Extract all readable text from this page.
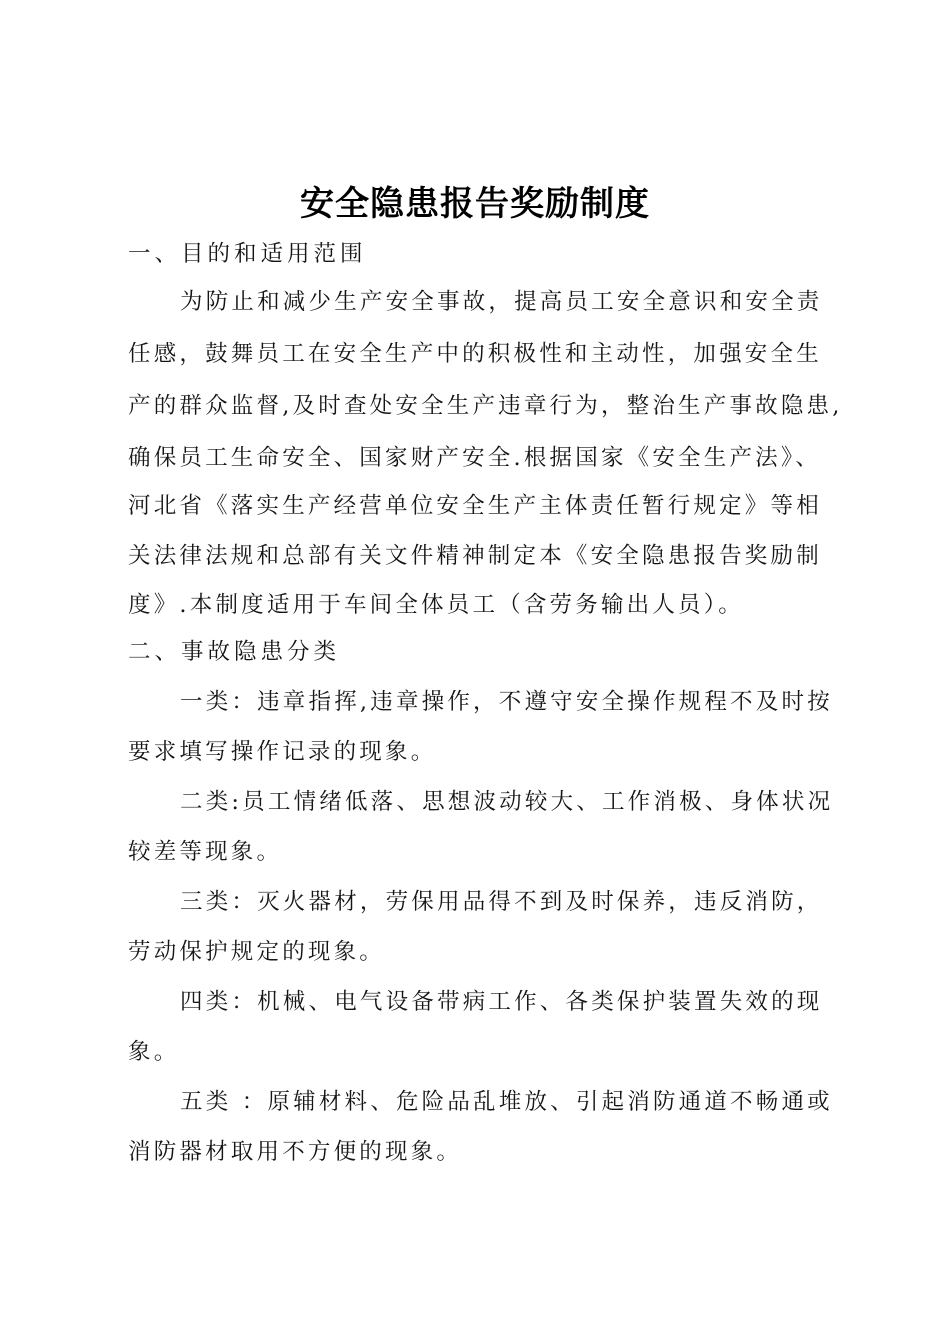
安全隐患报告奖励制度
一、目的和适用范围
为防止和减少生产安全事故，提高员工安全意识和安全责
任感，鼓舞员工在安全生产中的积极性和主动性，加强安全生
产的群众监督,及时查处安全生产违章行为，整治生产事故隐患,
确保员工生命安全、国家财产安全.根据国家《安全生产法》、
河北省《落实生产经营单位安全生产主体责任暂行规定》等相
关法律法规和总部有关文件精神制定本《安全隐患报告奖励制
度》.本制度适用于车间全体员工（含劳务输出人员）。
二、事故隐患分类
一类：违章指挥,违章操作，不遵守安全操作规程不及时按
要求填写操作记录的现象。
二类:员工情绪低落、思想波动较大、工作消极、身体状况
较差等现象。
三类：灭火器材，劳保用品得不到及时保养，违反消防，
劳动保护规定的现象。
四类：机械、电气设备带病工作、各类保护装置失效的现
象。
五类 ：原辅材料、危险品乱堆放、引起消防通道不畅通或
消防器材取用不方便的现象。
